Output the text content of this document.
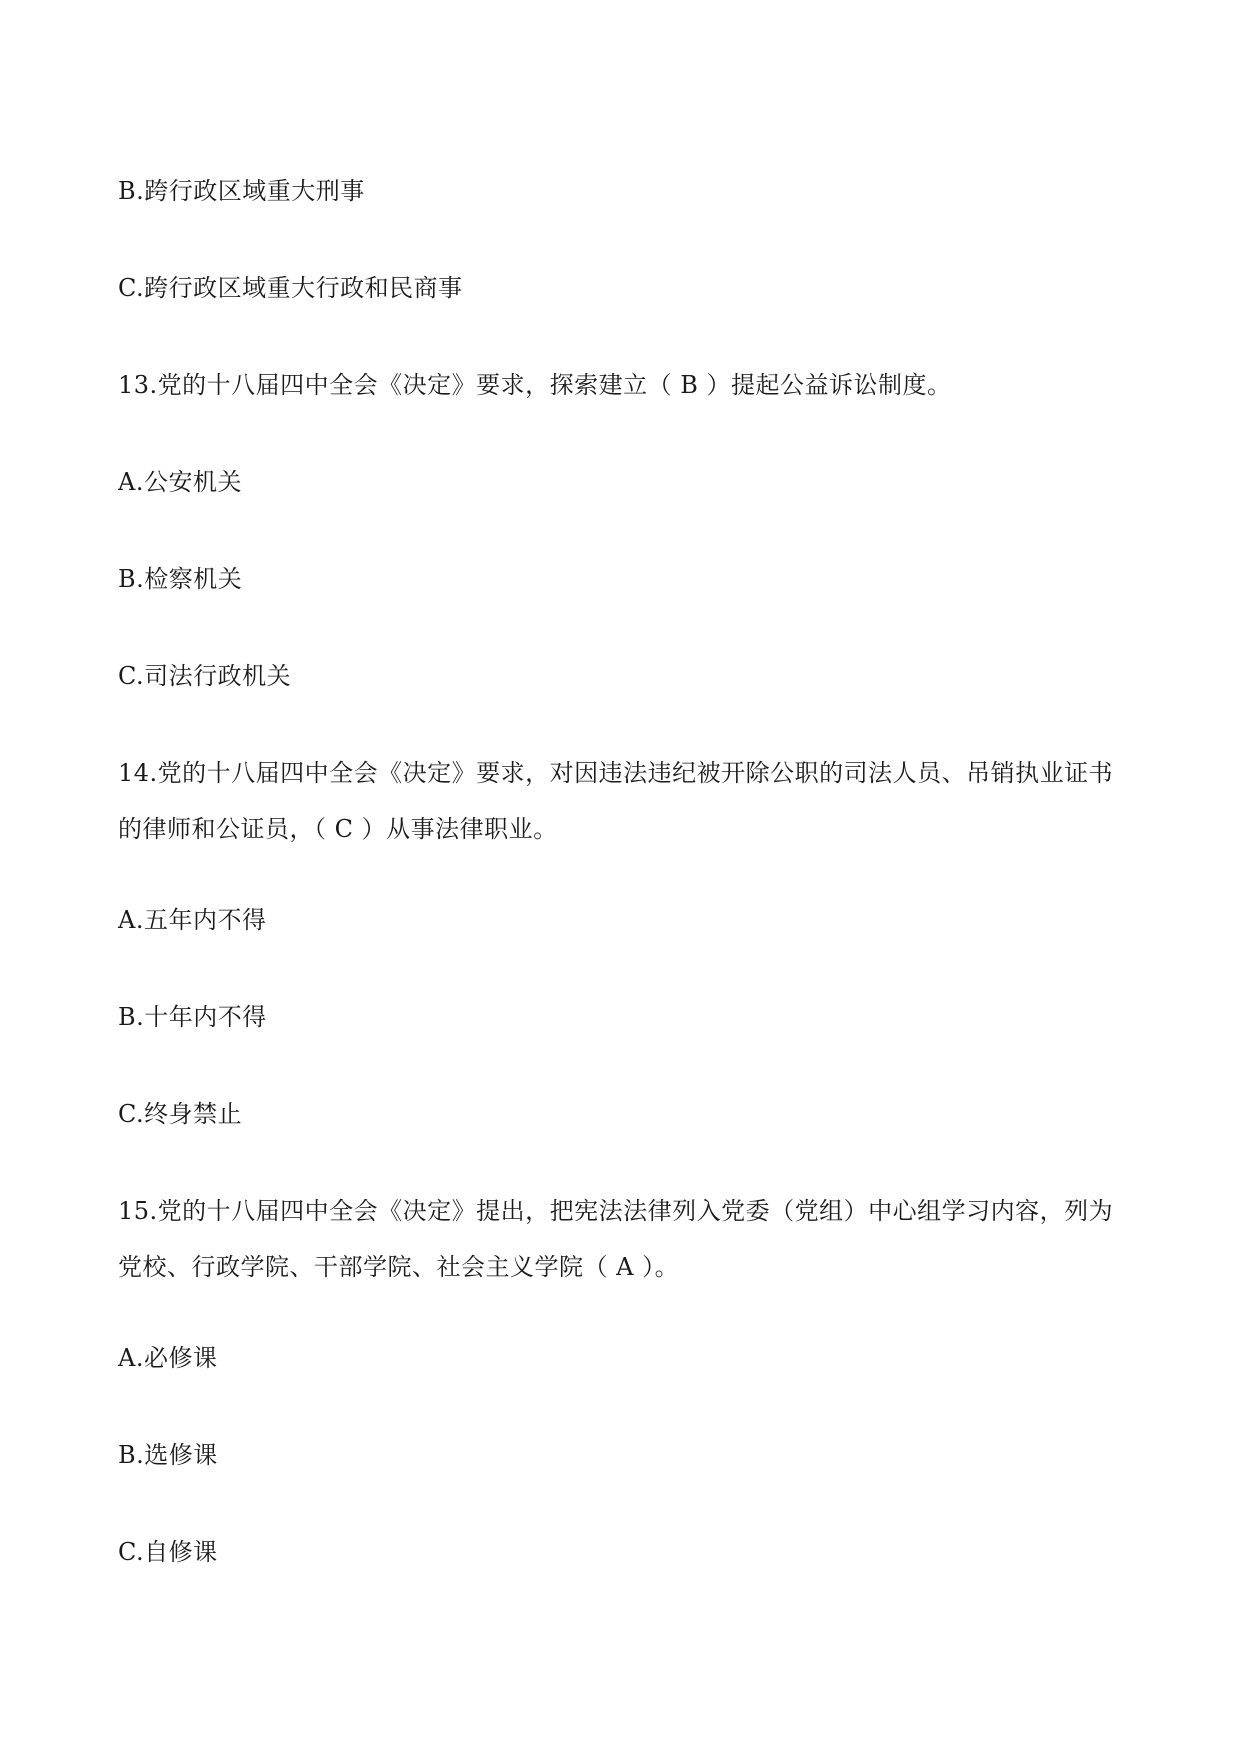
B.跨行政区域重大刑事
C.跨行政区域重大行政和民商事
13.党的十八届四中全会《决定》要求，探索建立（ B ）提起公益诉讼制度。
A.公安机关
B.检察机关
C.司法行政机关
14.党的十八届四中全会《决定》要求，对因违法违纪被开除公职的司法人员、吊销执业证书的律师和公证员，（ C ）从事法律职业。
A.五年内不得
B.十年内不得
C.终身禁止
15.党的十八届四中全会《决定》提出，把宪法法律列入党委（党组）中心组学习内容，列为党校、行政学院、干部学院、社会主义学院（ A ）。
A.必修课
B.选修课
C.自修课
